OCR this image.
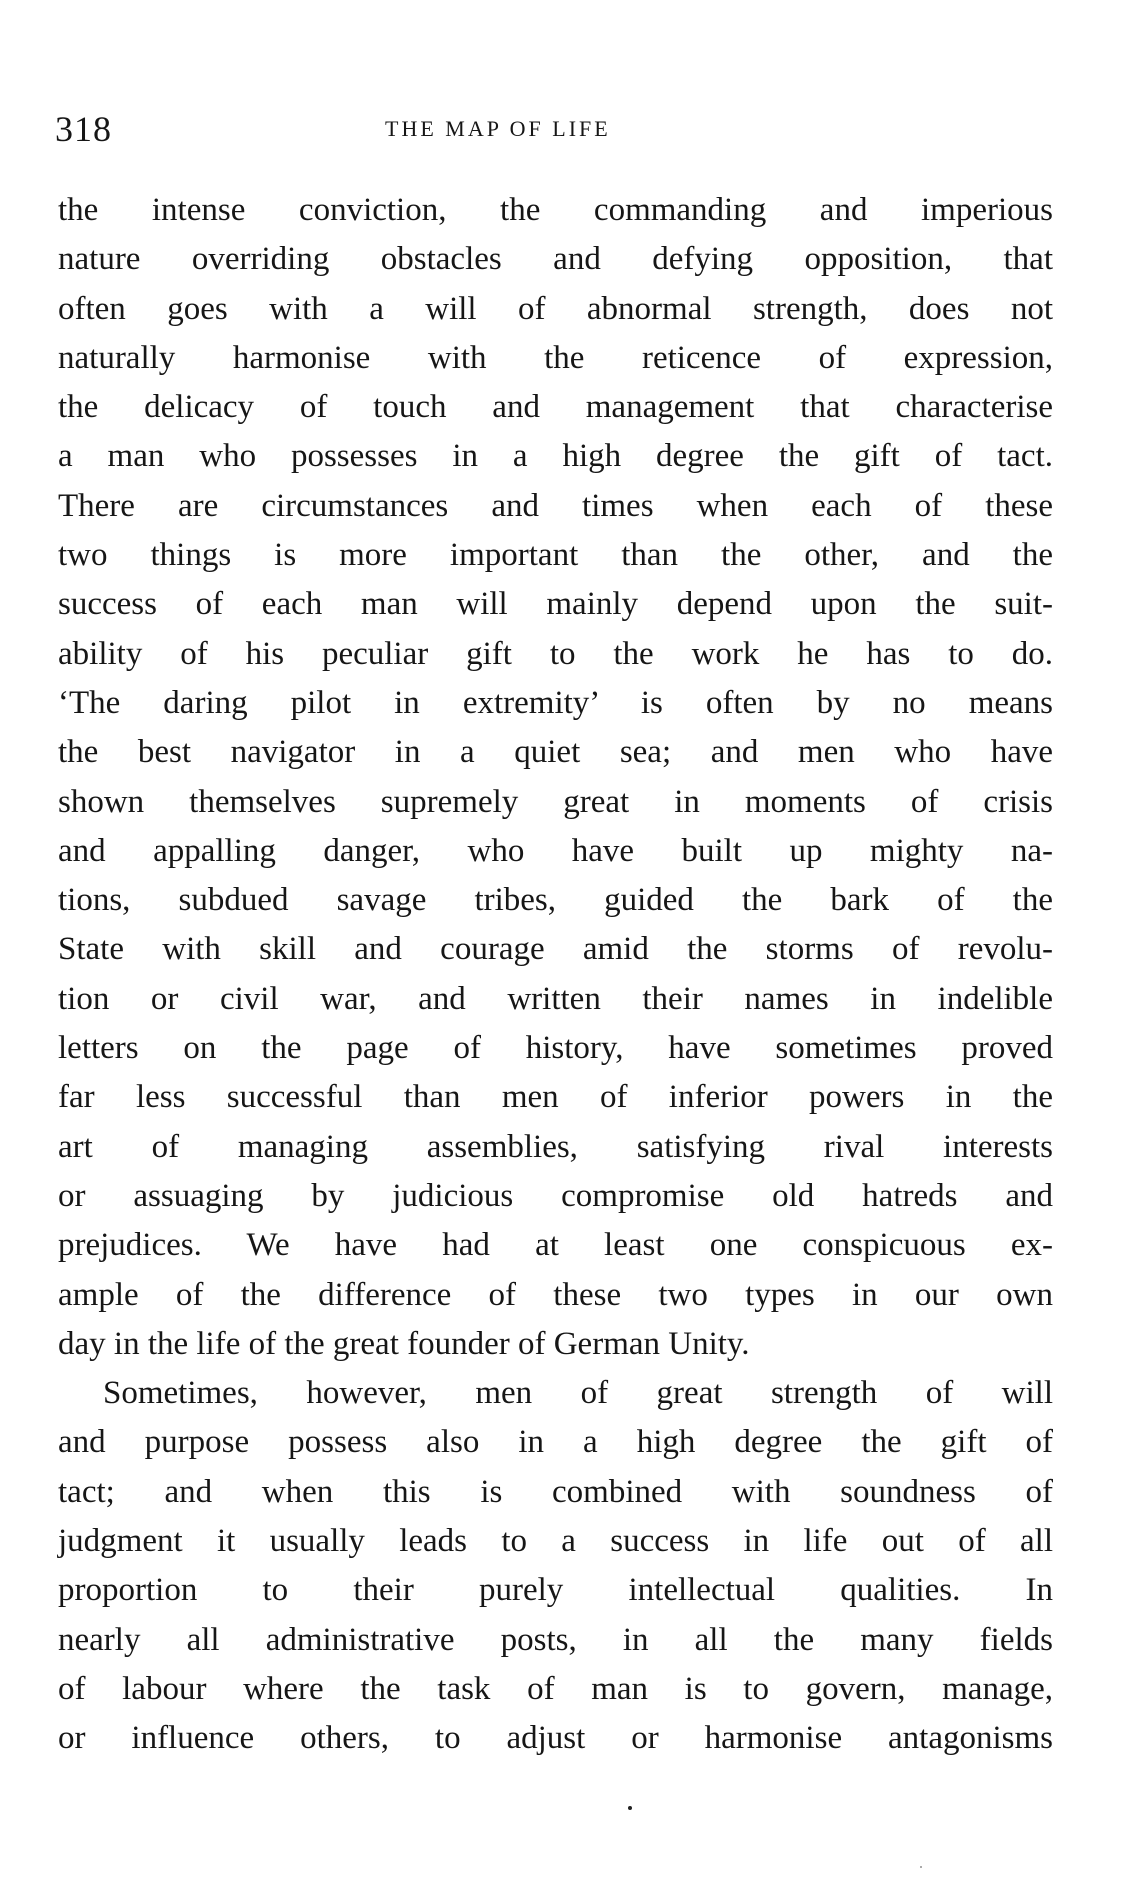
318	THE MAP OF LIFE
the intense conviction, the commanding and imperious
nature overriding obstacles and defying opposition, that
often goes with a will of abnormal strength, does not
naturally harmonise with the reticence of expression,
the delicacy of touch and management that characterise
a man who possesses in a high degree the gift of tact.
There are circumstances and times when each of these
two things is more important than the other, and the
success of each man will mainly depend upon the suit-
ability of his peculiar gift to the work he has to do.
‘The daring pilot in extremity’ is often by no means
the best navigator in a quiet sea; and men who have
shown themselves supremely great in moments of crisis
and appalling danger, who have built up mighty na-
tions, subdued savage tribes, guided the bark of the
State with skill and courage amid the storms of revolu-
tion or civil war, and written their names in indelible
letters on the page of history, have sometimes proved
far less successful than men of inferior powers in the
art of managing assemblies, satisfying rival interests
or assuaging by judicious compromise old hatreds and
prejudices. We have had at least one conspicuous ex-
ample of the difference of these two types in our own
day in the life of the great founder of German Unity.
Sometimes, however, men of great strength of will
and purpose possess also in a high degree the gift of
tact; and when this is combined with soundness of
judgment it usually leads to a success in life out of all
proportion to their purely intellectual qualities. In
nearly all administrative posts, in all the many fields
of labour where the task of man is to govern, manage,
or influence others, to adjust or harmonise antagonisms
